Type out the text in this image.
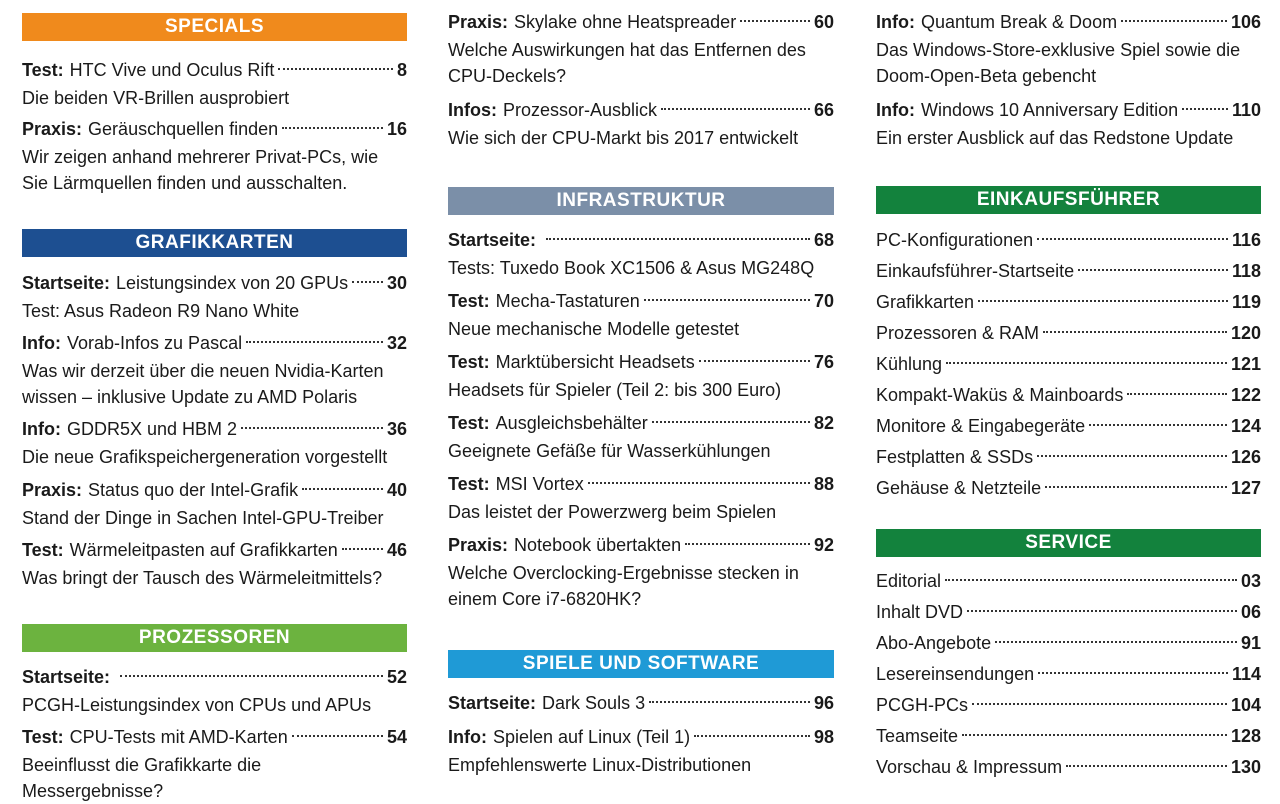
SPECIALS
Test: HTC Vive und Oculus Rift	8
Die beiden VR-Brillen ausprobiert
Praxis: Geräuschquellen finden	16
Wir zeigen anhand mehrerer Privat-PCs, wie Sie Lärmquellen finden und ausschalten.
GRAFIKKARTEN
Startseite: Leistungsindex von 20 GPUs 30
Test: Asus Radeon R9 Nano White
Info: Vorab-Infos zu Pascal	32
Was wir derzeit über die neuen Nvidia-Karten wissen – inklusive Update zu AMD Polaris
Info: GDDR5X und HBM 2	36
Die neue Grafikspeichergeneration vorgestellt
Praxis: Status quo der Intel-Grafik	40
Stand der Dinge in Sachen Intel-GPU-Treiber
Test: Wärmeleitpasten auf Grafikkarten	46
Was bringt der Tausch des Wärmeleitmittels?
PROZESSOREN
Startseite:	52
PCGH-Leistungsindex von CPUs und APUs
Test: CPU-Tests mit AMD-Karten	54
Beeinflusst die Grafikkarte die Messergebnisse?
Praxis: Skylake ohne Heatspreader	60
Welche Auswirkungen hat das Entfernen des CPU-Deckels?
Infos: Prozessor-Ausblick	66
Wie sich der CPU-Markt bis 2017 entwickelt
INFRASTRUKTUR
Startseite:	68
Tests: Tuxedo Book XC1506 & Asus MG248Q
Test: Mecha-Tastaturen	70
Neue mechanische Modelle getestet
Test: Marktübersicht Headsets	76
Headsets für Spieler (Teil 2: bis 300 Euro)
Test: Ausgleichsbehälter	82
Geeignete Gefäße für Wasserkühlungen
Test: MSI Vortex	88
Das leistet der Powerzwerg beim Spielen
Praxis: Notebook übertakten	92
Welche Overclocking-Ergebnisse stecken in einem Core i7-6820HK?
SPIELE UND SOFTWARE
Startseite: Dark Souls 3	96
Info: Spielen auf Linux (Teil 1)	98
Empfehlenswerte Linux-Distributionen
Info: Quantum Break & Doom	106
Das Windows-Store-exklusive Spiel sowie die Doom-Open-Beta gebencht
Info: Windows 10 Anniversary Edition	110
Ein erster Ausblick auf das Redstone Update
EINKAUFSFÜHRER
PC-Konfigurationen	116
Einkaufsführer-Startseite	118
Grafikkarten	119
Prozessoren & RAM	120
Kühlung	121
Kompakt-Waküs & Mainboards	122
Monitore & Eingabegeräte	124
Festplatten & SSDs	126
Gehäuse & Netzteile	127
SERVICE
Editorial	03
Inhalt DVD	06
Abo-Angebote	91
Lesereinsendungen	114
PCGH-PCs	104
Teamseite	128
Vorschau & Impressum	130
